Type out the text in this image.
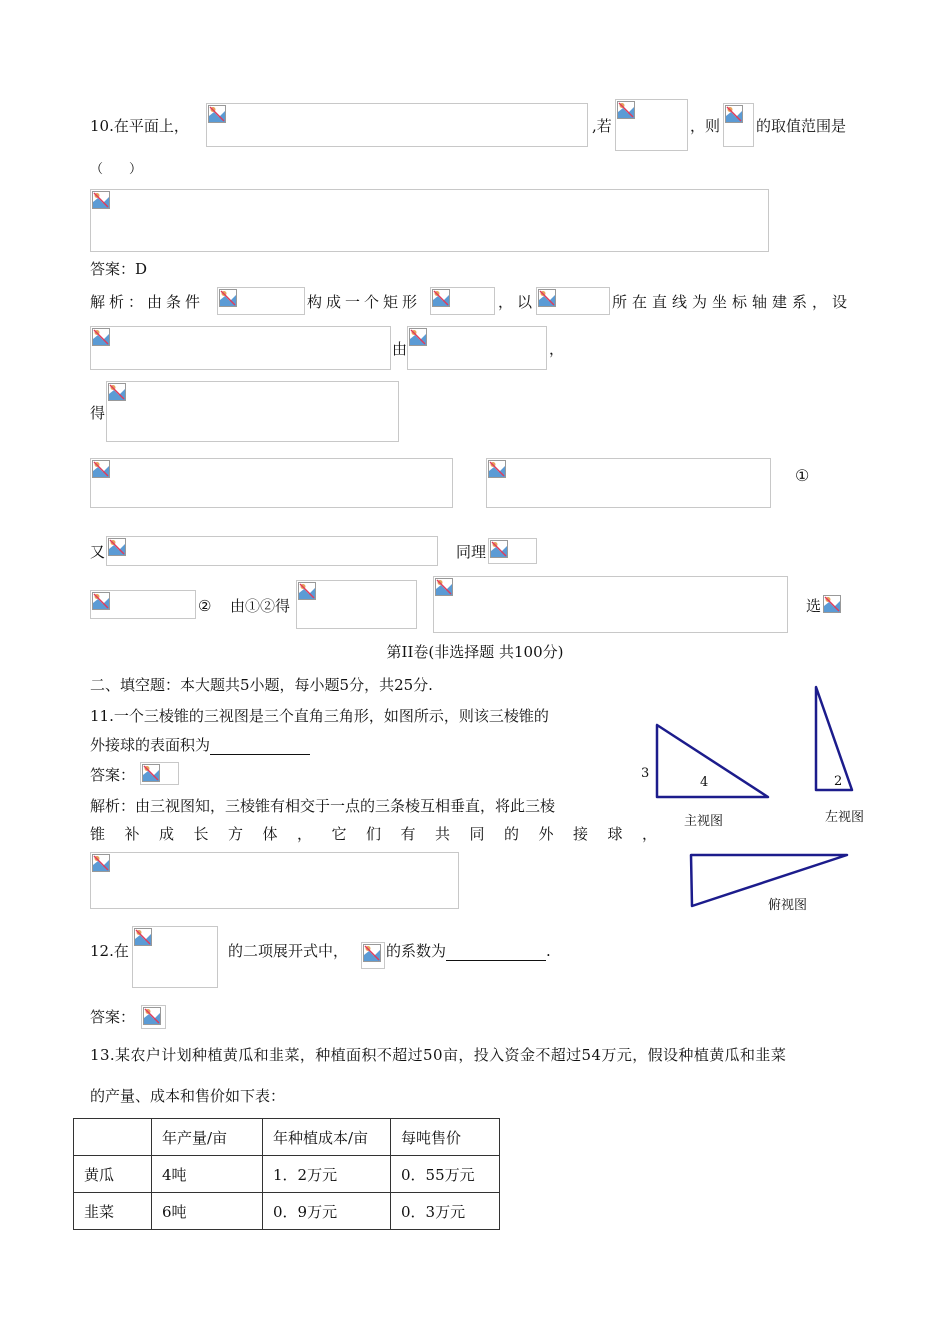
10.在平面上，	,若	，则 的取值范围是
（　　）
答案：D
解析：由条件	构成一个矩形	，以	所在直线为坐标轴建系，设
由	，
得
①
又	同理
② 由①②得	选
第II卷(非选择题 共100分)
二、填空题：本大题共5小题，每小题5分，共25分.
11.一个三棱锥的三视图是三个直角三角形，如图所示，则该三棱锥的
外接球的表面积为
答案：
解析：由三视图知，三棱锥有相交于一点的三条棱互相垂直，将此三棱
锥补成长方体，它们有共同的外接球，
3
4	2
主视图	左视图
俯视图
12.在	的二项展开式中，	的系数为	.
答案：
13.某农户计划种植黄瓜和韭菜，种植面积不超过50亩，投入资金不超过54万元，假设种植黄瓜和韭菜
的产量、成本和售价如下表：
	年产量/亩	年种植成本/亩	每吨售价
黄瓜	4吨	1．2万元	0．55万元
韭菜	6吨	0．9万元	0．3万元
